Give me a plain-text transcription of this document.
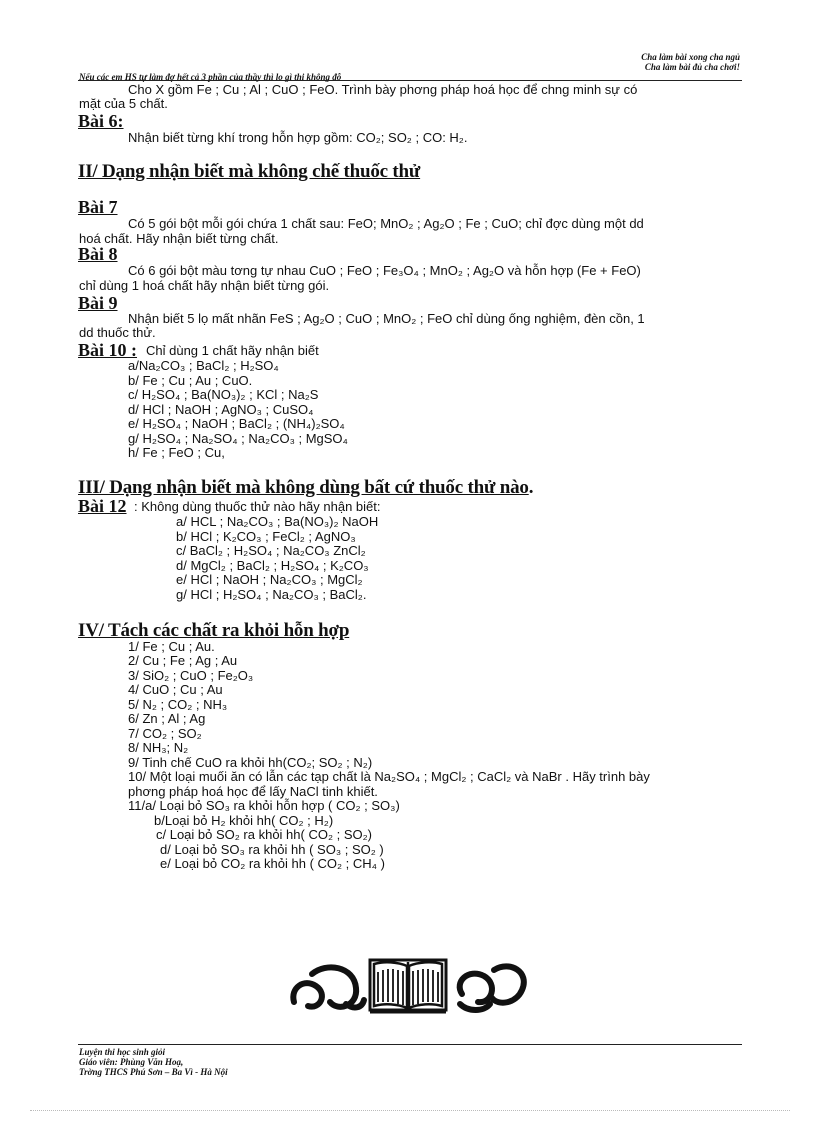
Cha làm bài xong cha ngủ
Cha làm bài đủ cha chơi!
Nếu các em HS tự làm đợ hết cả 3 phần của thầy thì lo gì thi không đỗ
Cho X gồm Fe ; Cu ; Al ; CuO ; FeO. Trình bày phơng pháp hoá học để chng minh sự có
mặt của 5 chất.
Bài 6:
Nhận biết từng khí trong hỗn hợp gồm: CO₂; SO₂ ; CO: H₂.
II/ Dạng nhận biết mà không chế thuốc thử
Bài 7
Có 5 gói bột mỗi gói chứa 1 chất sau: FeO; MnO₂ ; Ag₂O ; Fe ; CuO; chỉ đợc dùng một dd
hoá chất. Hãy nhận biết từng chất.
Bài 8
Có 6 gói bột màu tơng tự nhau CuO ; FeO ; Fe₃O₄ ; MnO₂ ; Ag₂O và hỗn hợp (Fe + FeO)
chỉ dùng 1 hoá chất hãy nhận biết từng gói.
Bài 9
Nhận biết 5 lọ mất nhãn FeS ; Ag₂O ; CuO ; MnO₂ ; FeO chỉ dùng ống nghiệm, đèn cồn, 1
dd thuốc thử.
Bài 10 : Chỉ dùng 1 chất hãy nhận biết
a/Na₂CO₃ ; BaCl₂ ; H₂SO₄
b/ Fe ; Cu ; Au ; CuO.
c/ H₂SO₄ ; Ba(NO₃)₂ ; KCl ; Na₂S
d/ HCl ; NaOH ; AgNO₃ ; CuSO₄
e/ H₂SO₄ ; NaOH ; BaCl₂ ; (NH₄)₂SO₄
g/ H₂SO₄ ; Na₂SO₄ ; Na₂CO₃ ; MgSO₄
h/ Fe ; FeO ; Cu,
III/ Dạng nhận biết mà không dùng bất cứ thuốc thử nào.
Bài 12 : Không dùng thuốc thử nào hãy nhận biết:
a/ HCL ; Na₂CO₃ ; Ba(NO₃)₂ NaOH
b/ HCl ; K₂CO₃ ; FeCl₂ ; AgNO₃
c/ BaCl₂ ; H₂SO₄ ; Na₂CO₃ ZnCl₂
d/ MgCl₂ ; BaCl₂ ; H₂SO₄ ; K₂CO₃
e/ HCl ; NaOH ; Na₂CO₃ ; MgCl₂
g/ HCl ; H₂SO₄ ; Na₂CO₃ ; BaCl₂.
IV/ Tách các chất ra khỏi hỗn hợp
1/ Fe ; Cu ; Au.
2/ Cu ; Fe ; Ag ; Au
3/ SiO₂ ; CuO ; Fe₂O₃
4/ CuO ; Cu ; Au
5/ N₂ ; CO₂ ; NH₃
6/ Zn ; Al ; Ag
7/ CO₂ ; SO₂
8/ NH₃; N₂
9/ Tinh chế CuO ra khỏi hh(CO₂; SO₂ ; N₂)
10/ Một loại muối ăn có lẫn các tạp chất là Na₂SO₄ ; MgCl₂ ; CaCl₂ và NaBr . Hãy trình bày
phơng pháp hoá học để lấy NaCl tinh khiết.
11/a/ Loại bỏ SO₃ ra khỏi hỗn hợp ( CO₂ ; SO₃)
b/Loại bỏ H₂ khỏi hh( CO₂ ; H₂)
c/ Loại bỏ SO₂ ra khỏi hh( CO₂ ; SO₂)
d/ Loại bỏ SO₃ ra khỏi hh ( SO₃ ; SO₂ )
e/ Loại bỏ CO₂ ra khỏi hh ( CO₂ ; CH₄ )
Luyện thi học sinh giỏi
Giáo viên: Phùng Văn Hoạ,
Trờng THCS Phú Sơn – Ba Vì - Hà Nội
